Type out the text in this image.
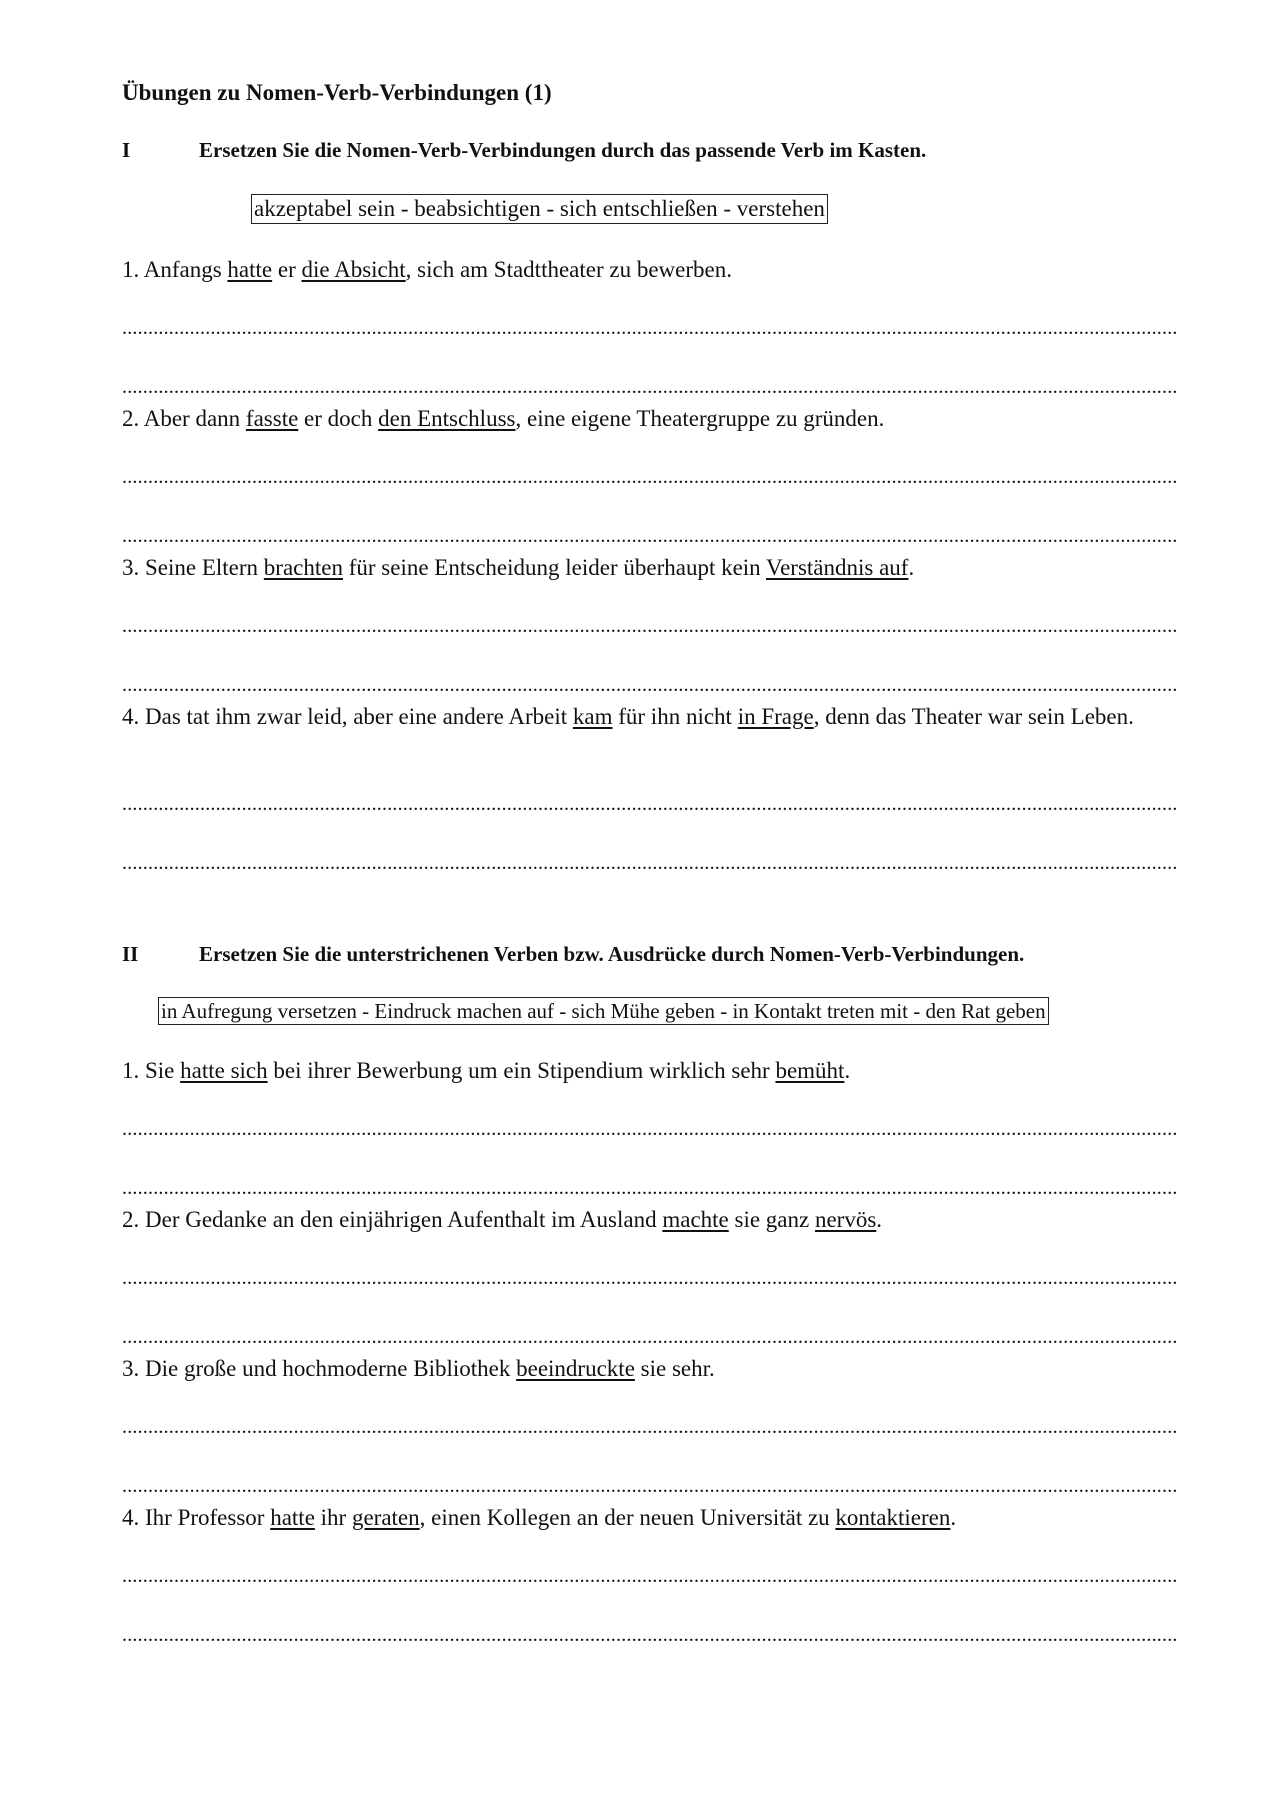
Übungen zu Nomen-Verb-Verbindungen (1)
I	Ersetzen Sie die Nomen-Verb-Verbindungen durch das passende Verb im Kasten.
akzeptabel sein - beabsichtigen - sich entschließen - verstehen
1. Anfangs hatte er die Absicht, sich am Stadttheater zu bewerben.
...........................................................................................................................................................................................................
...........................................................................................................................................................................................................
2. Aber dann fasste er doch den Entschluss, eine eigene Theatergruppe zu gründen.
...........................................................................................................................................................................................................
...........................................................................................................................................................................................................
3. Seine Eltern brachten für seine Entscheidung leider überhaupt kein Verständnis auf.
...........................................................................................................................................................................................................
...........................................................................................................................................................................................................
4. Das tat ihm zwar leid, aber eine andere Arbeit kam für ihn nicht in Frage, denn das Theater war sein Leben.
...........................................................................................................................................................................................................
...........................................................................................................................................................................................................
II	Ersetzen Sie die unterstrichenen Verben bzw. Ausdrücke durch Nomen-Verb-Verbindungen.
in Aufregung versetzen - Eindruck machen auf - sich Mühe geben - in Kontakt treten mit - den Rat geben
1. Sie hatte sich bei ihrer Bewerbung um ein Stipendium wirklich sehr bemüht.
...........................................................................................................................................................................................................
...........................................................................................................................................................................................................
2. Der Gedanke an den einjährigen Aufenthalt im Ausland machte sie ganz nervös.
...........................................................................................................................................................................................................
...........................................................................................................................................................................................................
3. Die große und hochmoderne Bibliothek beeindruckte sie sehr.
...........................................................................................................................................................................................................
...........................................................................................................................................................................................................
4. Ihr Professor hatte ihr geraten, einen Kollegen an der neuen Universität zu kontaktieren.
...........................................................................................................................................................................................................
...........................................................................................................................................................................................................
